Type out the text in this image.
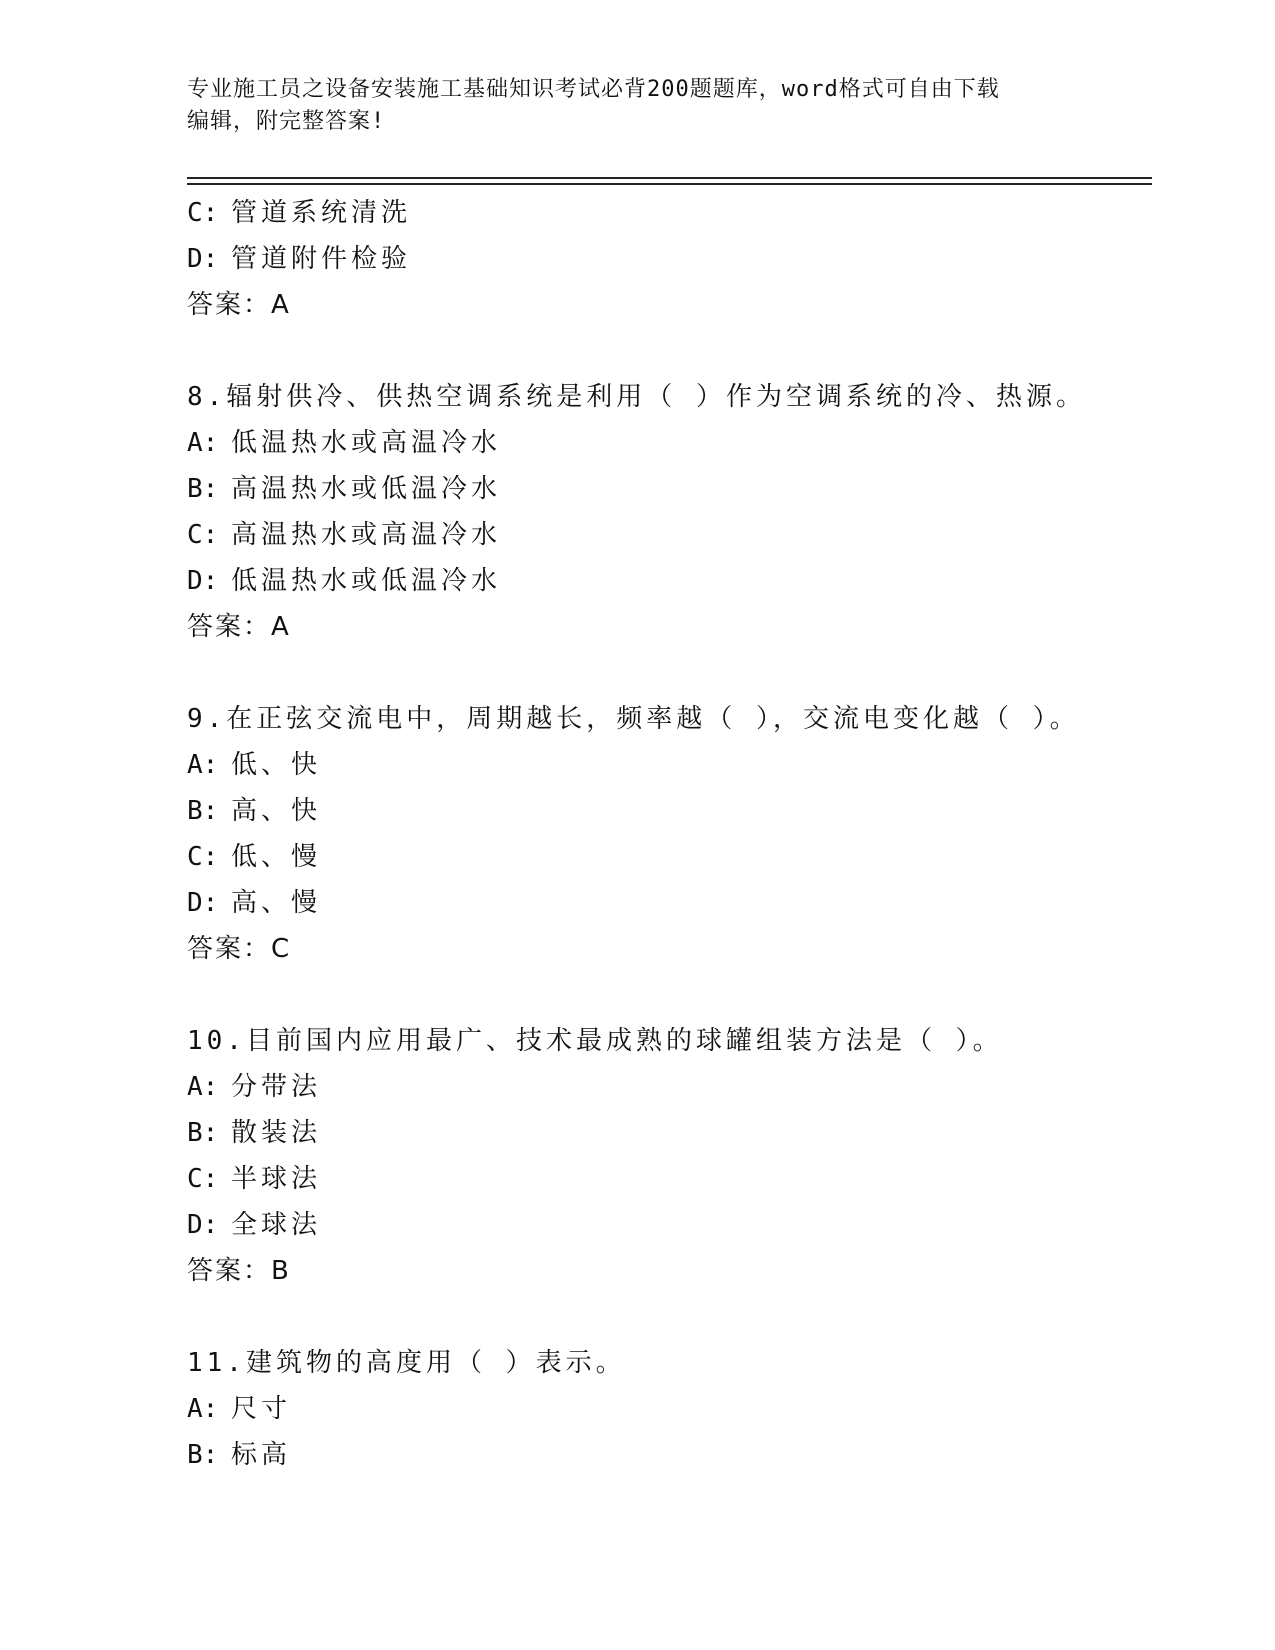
专业施工员之设备安装施工基础知识考试必背200题题库，word格式可自由下载
编辑，附完整答案!
C: 管道系统清洗
D: 管道附件检验
答案：A
8.辐射供冷、供热空调系统是利用（ ）作为空调系统的冷、热源。
A: 低温热水或高温冷水
B: 高温热水或低温冷水
C: 高温热水或高温冷水
D: 低温热水或低温冷水
答案：A
9.在正弦交流电中，周期越长，频率越（ ），交流电变化越（ ）。
A: 低、快
B: 高、快
C: 低、慢
D: 高、慢
答案：C
10.目前国内应用最广、技术最成熟的球罐组装方法是（ ）。
A: 分带法
B: 散装法
C: 半球法
D: 全球法
答案：B
11.建筑物的高度用（ ）表示。
A: 尺寸
B: 标高
